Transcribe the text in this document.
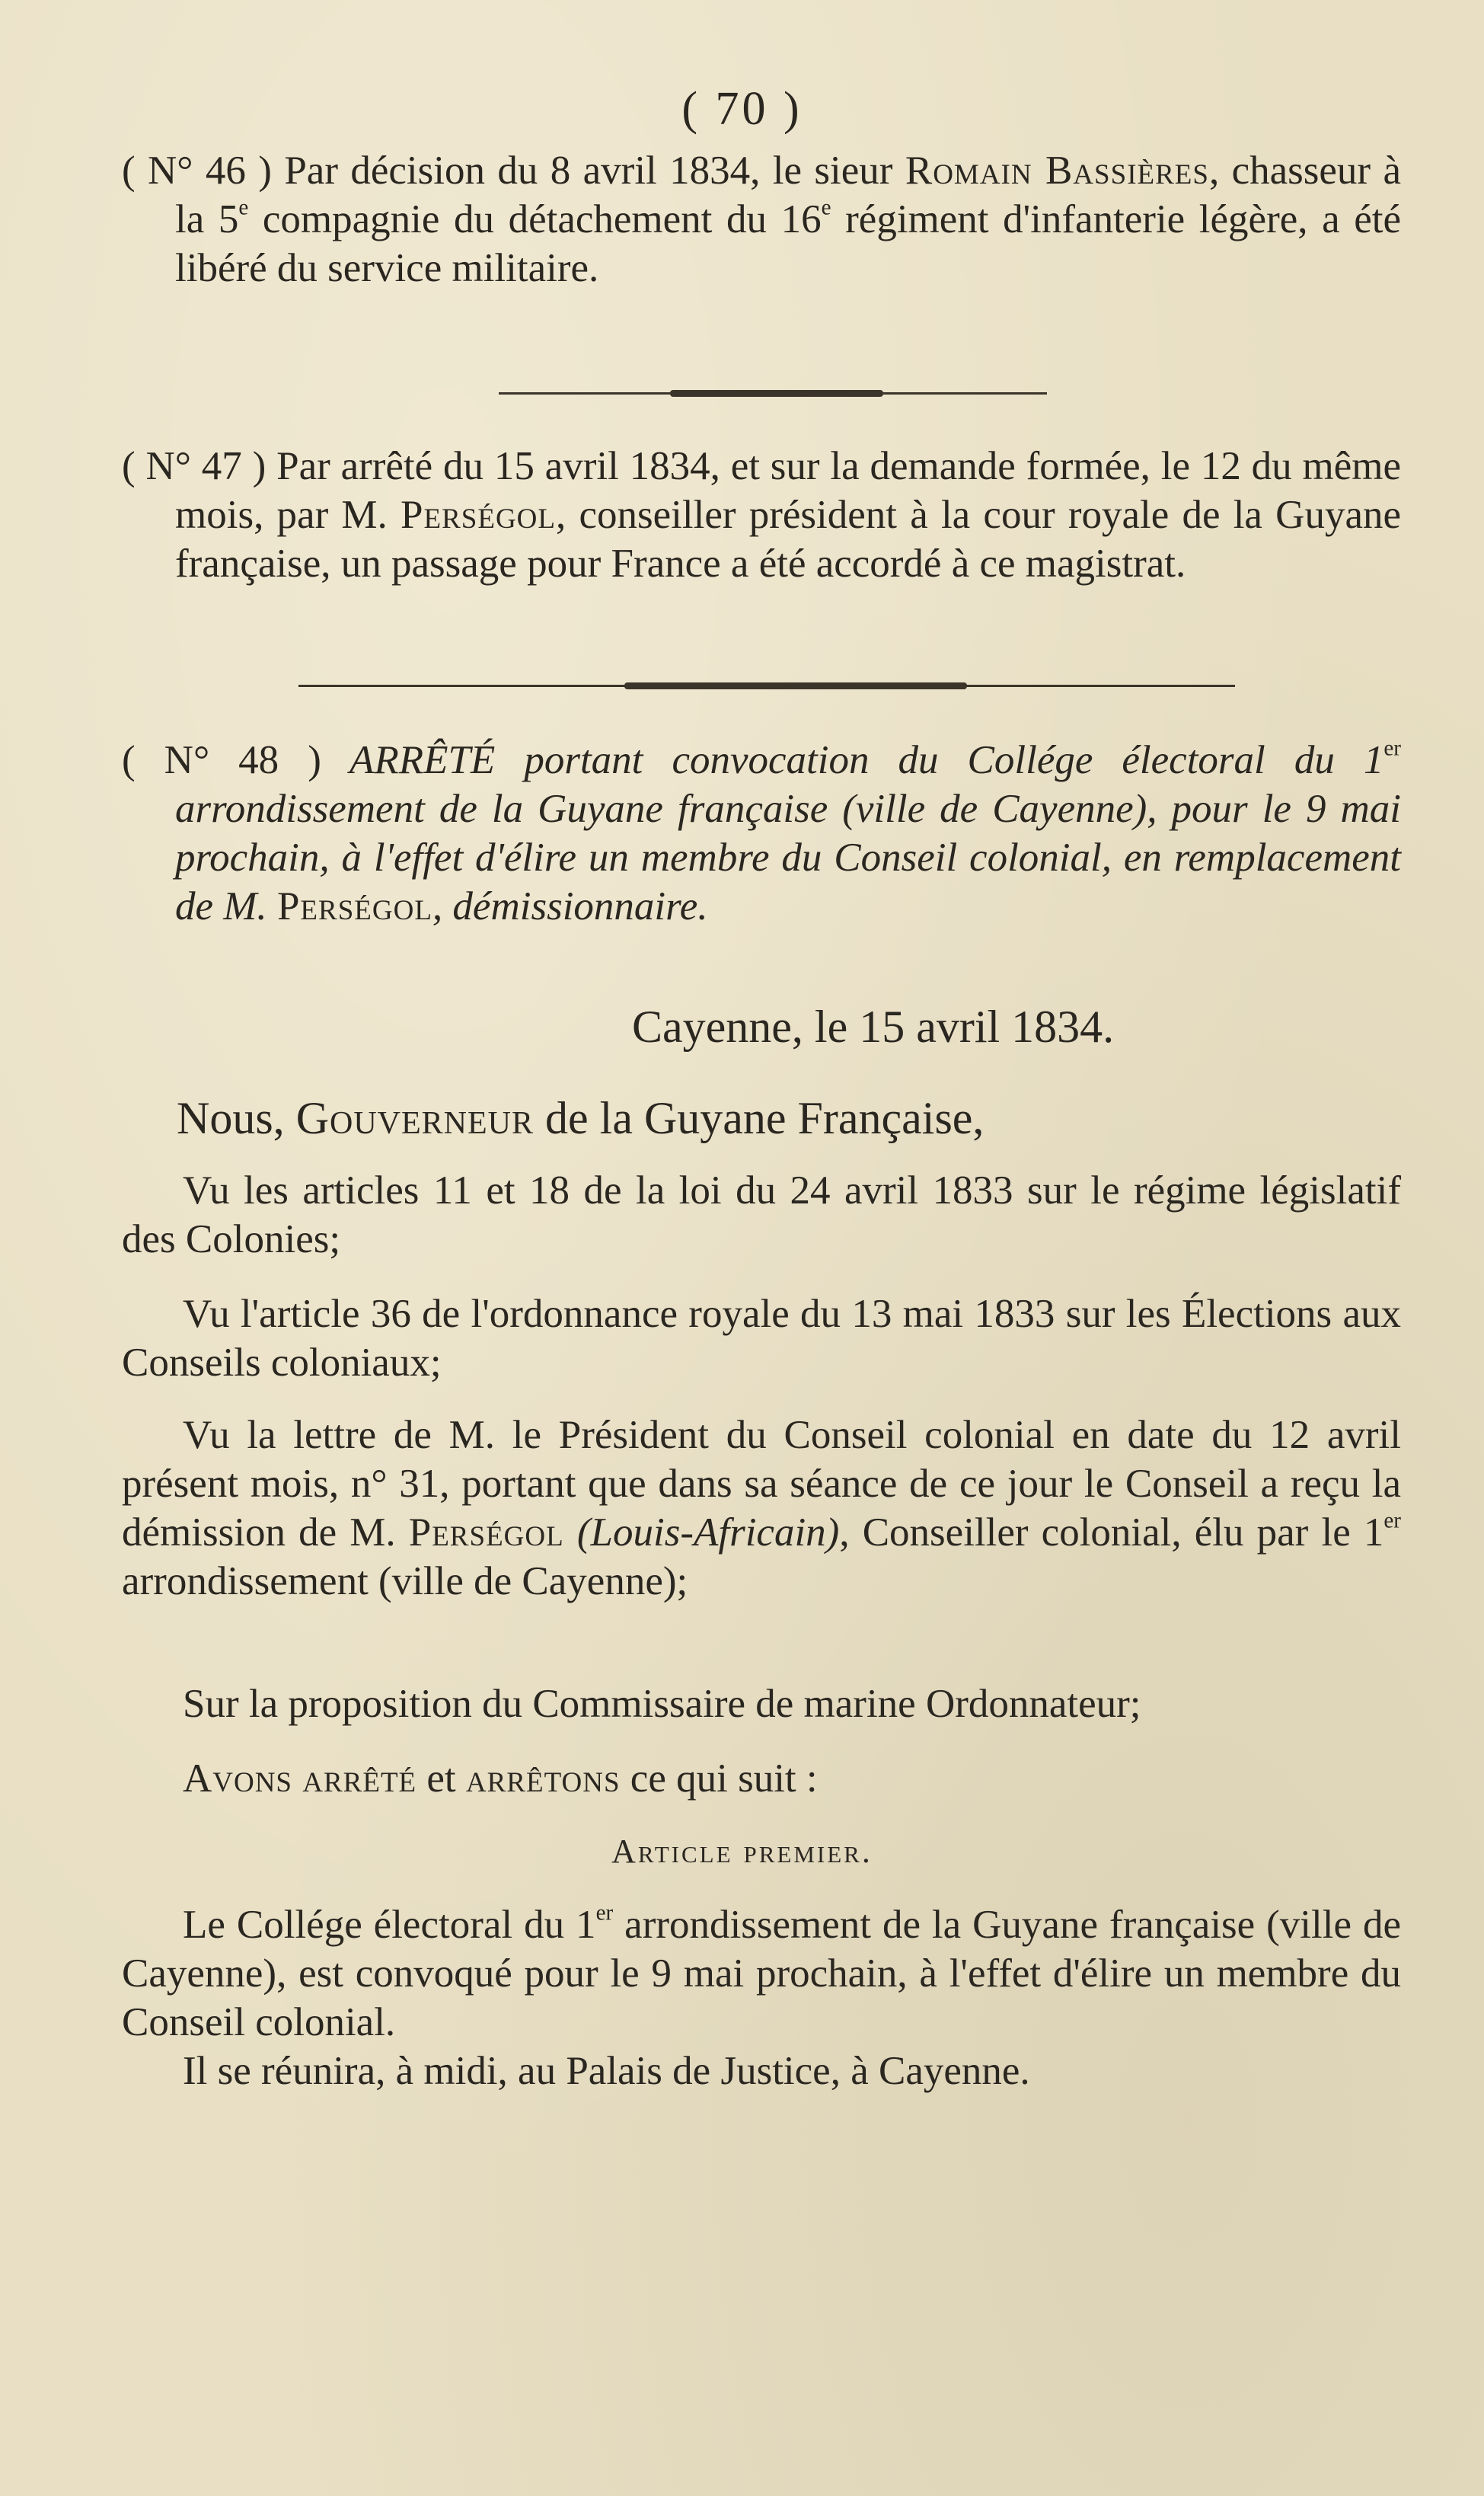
( 70 )

( N° 46 ) Par décision du 8 avril 1834, le sieur Romain Bassières, chasseur à la 5e compagnie du détachement du 16e régiment d'infanterie légère, a été libéré du service militaire.

( N° 47 ) Par arrêté du 15 avril 1834, et sur la demande formée, le 12 du même mois, par M. Perségol, conseiller président à la cour royale de la Guyane française, un passage pour France a été accordé à ce magistrat.

( N° 48 ) ARRÊTÉ portant convocation du Collége électoral du 1er arrondissement de la Guyane française (ville de Cayenne), pour le 9 mai prochain, à l'effet d'élire un membre du Conseil colonial, en remplacement de M. Perségol, démissionnaire.

Cayenne, le 15 avril 1834.

Nous, Gouverneur de la Guyane Française,

Vu les articles 11 et 18 de la loi du 24 avril 1833 sur le régime législatif des Colonies;

Vu l'article 36 de l'ordonnance royale du 13 mai 1833 sur les Élections aux Conseils coloniaux;

Vu la lettre de M. le Président du Conseil colonial en date du 12 avril présent mois, n° 31, portant que dans sa séance de ce jour le Conseil a reçu la démission de M. Perségol (Louis-Africain), Conseiller colonial, élu par le 1er arrondissement (ville de Cayenne);

Sur la proposition du Commissaire de marine Ordonnateur;

Avons arrêté et arrêtons ce qui suit :

Article premier.

Le Collége électoral du 1er arrondissement de la Guyane française (ville de Cayenne), est convoqué pour le 9 mai prochain, à l'effet d'élire un membre du Conseil colonial.

Il se réunira, à midi, au Palais de Justice, à Cayenne.
